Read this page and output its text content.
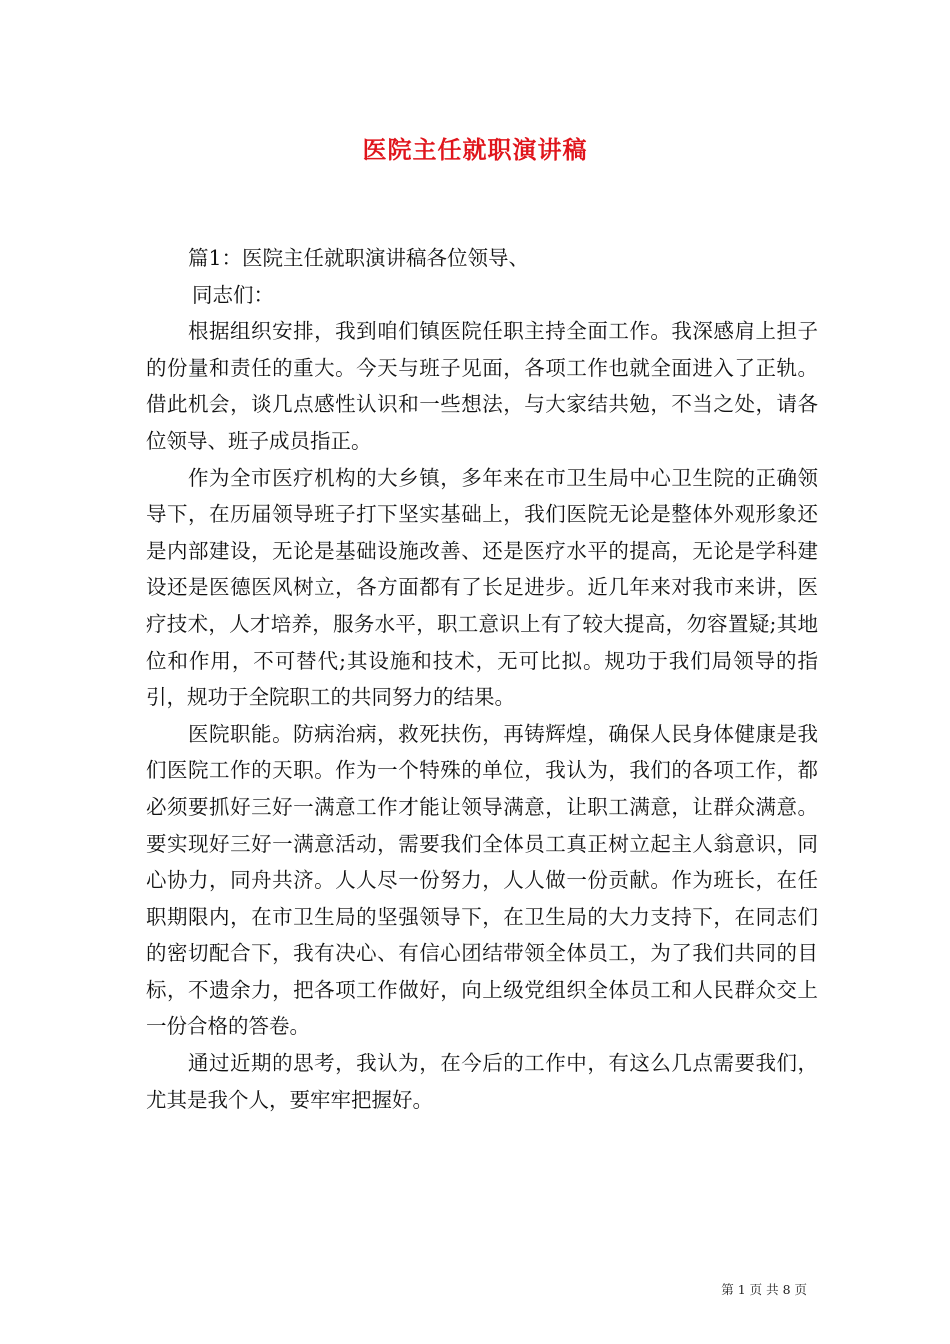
医院主任就职演讲稿

篇1：医院主任就职演讲稿各位领导、

同志们：

根据组织安排，我到咱们镇医院任职主持全面工作。我深感肩上担子的份量和责任的重大。今天与班子见面，各项工作也就全面进入了正轨。借此机会，谈几点感性认识和一些想法，与大家结共勉，不当之处，请各位领导、班子成员指正。

作为全市医疗机构的大乡镇，多年来在市卫生局中心卫生院的正确领导下，在历届领导班子打下坚实基础上，我们医院无论是整体外观形象还是内部建设，无论是基础设施改善、还是医疗水平的提高，无论是学科建设还是医德医风树立，各方面都有了长足进步。近几年来对我市来讲，医疗技术，人才培养，服务水平，职工意识上有了较大提高，勿容置疑;其地位和作用，不可替代;其设施和技术，无可比拟。规功于我们局领导的指引，规功于全院职工的共同努力的结果。

医院职能。防病治病，救死扶伤，再铸辉煌，确保人民身体健康是我们医院工作的天职。作为一个特殊的单位，我认为，我们的各项工作，都必须要抓好三好一满意工作才能让领导满意，让职工满意，让群众满意。要实现好三好一满意活动，需要我们全体员工真正树立起主人翁意识，同心协力，同舟共济。人人尽一份努力，人人做一份贡献。作为班长，在任职期限内，在市卫生局的坚强领导下，在卫生局的大力支持下，在同志们的密切配合下，我有决心、有信心团结带领全体员工，为了我们共同的目标，不遗余力，把各项工作做好，向上级党组织全体员工和人民群众交上一份合格的答卷。

通过近期的思考，我认为，在今后的工作中，有这么几点需要我们，尤其是我个人，要牢牢把握好。

第 1 页 共 8 页
